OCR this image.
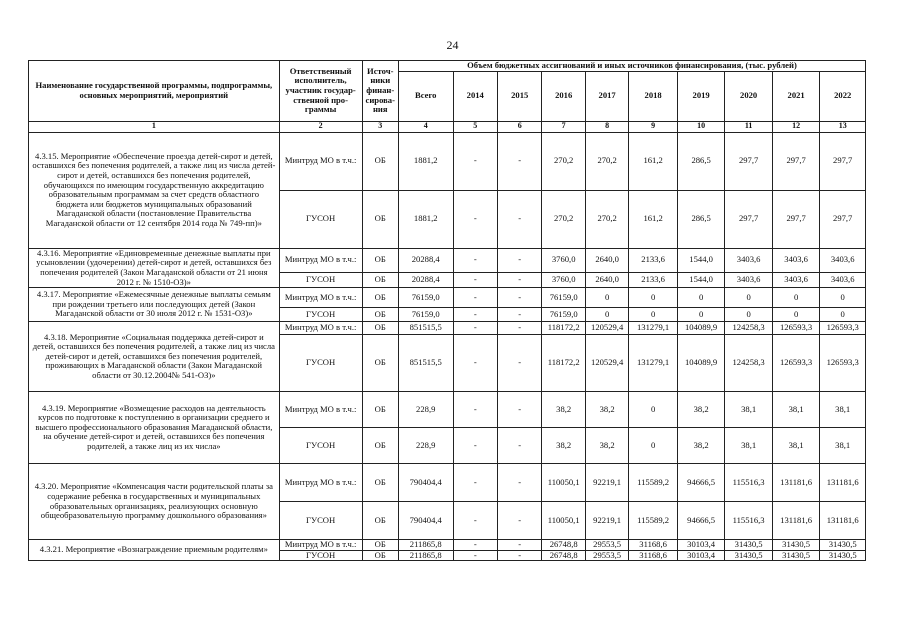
24
Наименование государственной программы, подпрограммы, основных мероприятий, мероприятий	Ответственный исполнитель, участник государ- ственной про- граммы	Источ- ники финан- сирова- ния	Объем бюджетных ассигнований и иных источников финансирования, (тыс. рублей)									
			Всего	2014	2015	2016	2017	2018	2019	2020	2021	2022
1	2	3	4	5	6	7	8	9	10	11	12	13
4.3.15. Мероприятие «Обеспечение проезда детей-сирот и детей, оставшихся без попечения родителей, а также лиц из числа детей-сирот и детей, оставшихся без попечения родителей, обучающихся по имеющим государственную аккредитацию образовательным программам за счет средств областного бюджета или бюджетов муниципальных образований Магаданской области (постановление Правительства Магаданской области от 12 сентября 2014 года № 749-пп)»	Минтруд МО в т.ч.:	ОБ	1881,2	-	-	270,2	270,2	161,2	286,5	297,7	297,7	297,7
	ГУСОН	ОБ	1881,2	-	-	270,2	270,2	161,2	286,5	297,7	297,7	297,7
4.3.16. Мероприятие «Единовременные денежные выплаты при усыновлении (удочерении) детей-сирот и детей, оставшихся без попечения родителей (Закон Магаданской области от 21 июня 2012 г. № 1510-ОЗ)»	Минтруд МО в т.ч.:	ОБ	20288,4	-	-	3760,0	2640,0	2133,6	1544,0	3403,6	3403,6	3403,6
	ГУСОН	ОБ	20288,4	-	-	3760,0	2640,0	2133,6	1544,0	3403,6	3403,6	3403,6
4.3.17. Мероприятие «Ежемесячные денежные выплаты семьям при рождении третьего или последующих детей (Закон Магаданской области от 30 июля 2012 г. № 1531-ОЗ)»	Минтруд МО в т.ч.:	ОБ	76159,0	-	-	76159,0	0	0	0	0	0	0
	ГУСОН	ОБ	76159,0	-	-	76159,0	0	0	0	0	0	0
4.3.18. Мероприятие «Социальная поддержка детей-сирот и детей, оставшихся без попечения родителей, а также лиц из числа детей-сирот и детей, оставшихся без попечения родителей, проживающих в Магаданской области (Закон Магаданской области от 30.12.2004№ 541-ОЗ)»	Минтруд МО в т.ч.:	ОБ	851515,5	-	-	118172,2	120529,4	131279,1	104089,9	124258,3	126593,3	126593,3
	ГУСОН	ОБ	851515,5	-	-	118172,2	120529,4	131279,1	104089,9	124258,3	126593,3	126593,3
4.3.19. Мероприятие «Возмещение расходов на деятельность курсов по подготовке к поступлению в организации среднего и высшего профессионального образования Магаданской области, на обучение детей-сирот и детей, оставшихся без попечения родителей, а также лиц из их числа»	Минтруд МО в т.ч.:	ОБ	228,9	-	-	38,2	38,2	0	38,2	38,1	38,1	38,1
	ГУСОН	ОБ	228,9	-	-	38,2	38,2	0	38,2	38,1	38,1	38,1
4.3.20. Мероприятие «Компенсация части родительской платы за содержание ребенка в государственных и муниципальных образовательных организациях, реализующих основную общеобразовательную программу дошкольного образования»	Минтруд МО в т.ч.:	ОБ	790404,4	-	-	110050,1	92219,1	115589,2	94666,5	115516,3	131181,6	131181,6
	ГУСОН	ОБ	790404,4	-	-	110050,1	92219,1	115589,2	94666,5	115516,3	131181,6	131181,6
4.3.21. Мероприятие «Вознаграждение приемным родителям»	Минтруд МО в т.ч.:	ОБ	211865,8	-	-	26748,8	29553,5	31168,6	30103,4	31430,5	31430,5	31430,5
	ГУСОН	ОБ	211865,8	-	-	26748,8	29553,5	31168,6	30103,4	31430,5	31430,5	31430,5
